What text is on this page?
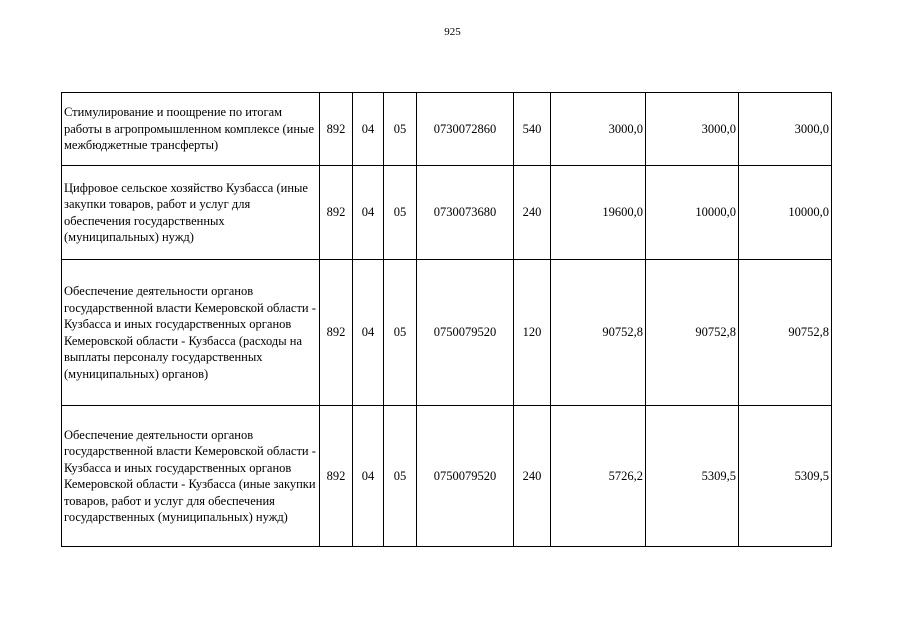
925
Стимулирование и поощрение по итогам работы в агропромышленном комплексе (иные межбюджетные трансферты)	892	04	05	0730072860	540	3000,0	3000,0	3000,0
Цифровое сельское хозяйство Кузбасса (иные закупки товаров, работ и услуг для обеспечения государственных (муниципальных) нужд)	892	04	05	0730073680	240	19600,0	10000,0	10000,0
Обеспечение деятельности органов государственной власти Кемеровской области - Кузбасса и иных государственных органов Кемеровской области - Кузбасса (расходы на выплаты персоналу государственных (муниципальных) органов)	892	04	05	0750079520	120	90752,8	90752,8	90752,8
Обеспечение деятельности органов государственной власти Кемеровской области - Кузбасса и иных государственных органов Кемеровской области - Кузбасса (иные закупки товаров, работ и услуг для обеспечения государственных (муниципальных) нужд)	892	04	05	0750079520	240	5726,2	5309,5	5309,5
